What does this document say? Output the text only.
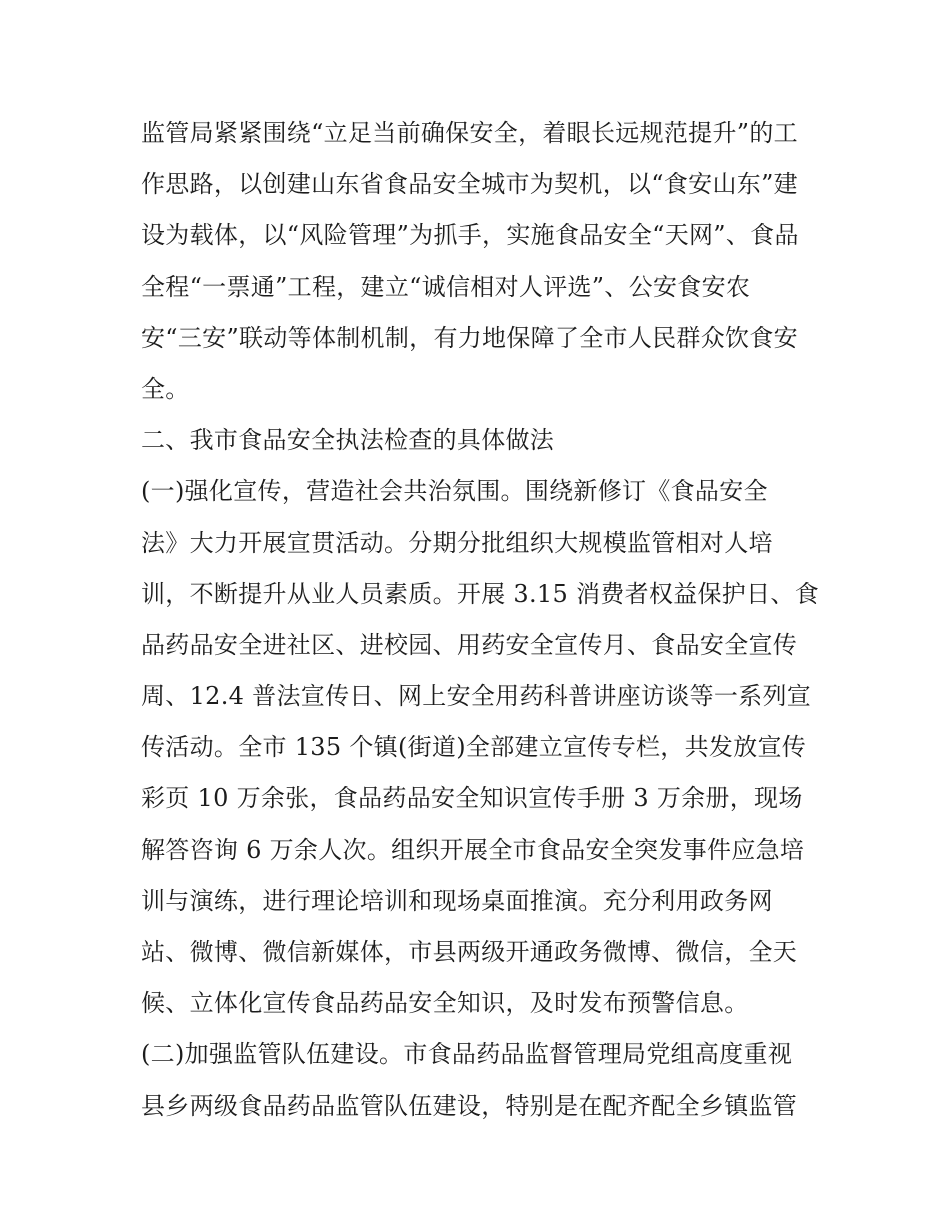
监管局紧紧围绕“立足当前确保安全，着眼长远规范提升”的工
作思路，以创建山东省食品安全城市为契机，以“食安山东”建
设为载体，以“风险管理”为抓手，实施食品安全“天网”、食品
全程“一票通”工程，建立“诚信相对人评选”、公安食安农
安“三安”联动等体制机制，有力地保障了全市人民群众饮食安
全。
二、我市食品安全执法检查的具体做法
(一)强化宣传，营造社会共治氛围。围绕新修订《食品安全
法》大力开展宣贯活动。分期分批组织大规模监管相对人培
训，不断提升从业人员素质。开展 3.15 消费者权益保护日、食
品药品安全进社区、进校园、用药安全宣传月、食品安全宣传
周、12.4 普法宣传日、网上安全用药科普讲座访谈等一系列宣
传活动。全市 135 个镇(街道)全部建立宣传专栏，共发放宣传
彩页 10 万余张，食品药品安全知识宣传手册 3 万余册，现场
解答咨询 6 万余人次。组织开展全市食品安全突发事件应急培
训与演练，进行理论培训和现场桌面推演。充分利用政务网
站、微博、微信新媒体，市县两级开通政务微博、微信，全天
候、立体化宣传食品药品安全知识，及时发布预警信息。
(二)加强监管队伍建设。市食品药品监督管理局党组高度重视
县乡两级食品药品监管队伍建设，特别是在配齐配全乡镇监管
